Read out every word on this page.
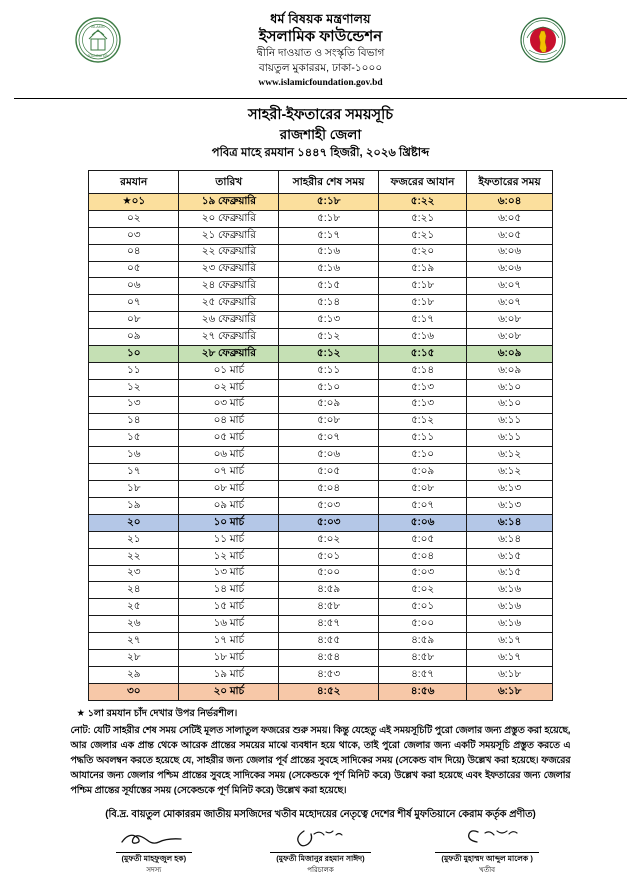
ISLAMIC
FOUNDATION
ধর্ম বিষয়ক মন্ত্রণালয়
ইসলামিক ফাউন্ডেশন
দ্বীনি দাওয়াত ও সংস্কৃতি বিভাগ
বায়তুল মুকাররম, ঢাকা-১০০০
www.islamicfoundation.gov.bd
সাহরী-ইফতারের সময়সূচি
রাজশাহী জেলা
পবিত্র মাহে রমযান ১৪৪৭ হিজরী, ২০২৬ খ্রিষ্টাব্দ
রমযান	তারিখ	সাহরীর শেষ সময়	ফজরের আযান	ইফতারের সময়
★০১	১৯ ফেব্রুয়ারি	৫:১৮	৫:২২	৬:০৪
০২	২০ ফেব্রুয়ারি	৫:১৮	৫:২১	৬:০৫
০৩	২১ ফেব্রুয়ারি	৫:১৭	৫:২১	৬:০৫
০৪	২২ ফেব্রুয়ারি	৫:১৬	৫:২০	৬:০৬
০৫	২৩ ফেব্রুয়ারি	৫:১৬	৫:১৯	৬:০৬
০৬	২৪ ফেব্রুয়ারি	৫:১৫	৫:১৮	৬:০৭
০৭	২৫ ফেব্রুয়ারি	৫:১৪	৫:১৮	৬:০৭
০৮	২৬ ফেব্রুয়ারি	৫:১৩	৫:১৭	৬:০৮
০৯	২৭ ফেব্রুয়ারি	৫:১২	৫:১৬	৬:০৮
১০	২৮ ফেব্রুয়ারি	৫:১২	৫:১৫	৬:০৯
১১	০১ মার্চ	৫:১১	৫:১৪	৬:০৯
১২	০২ মার্চ	৫:১০	৫:১৩	৬:১০
১৩	০৩ মার্চ	৫:০৯	৫:১৩	৬:১০
১৪	০৪ মার্চ	৫:০৮	৫:১২	৬:১১
১৫	০৫ মার্চ	৫:০৭	৫:১১	৬:১১
১৬	০৬ মার্চ	৫:০৬	৫:১০	৬:১২
১৭	০৭ মার্চ	৫:০৫	৫:০৯	৬:১২
১৮	০৮ মার্চ	৫:০৪	৫:০৮	৬:১৩
১৯	০৯ মার্চ	৫:০৩	৫:০৭	৬:১৩
২০	১০ মার্চ	৫:০৩	৫:০৬	৬:১৪
২১	১১ মার্চ	৫:০২	৫:০৫	৬:১৪
২২	১২ মার্চ	৫:০১	৫:০৪	৬:১৫
২৩	১৩ মার্চ	৫:০০	৫:০৩	৬:১৫
২৪	১৪ মার্চ	৪:৫৯	৫:০২	৬:১৬
২৫	১৫ মার্চ	৪:৫৮	৫:০১	৬:১৬
২৬	১৬ মার্চ	৪:৫৭	৫:০০	৬:১৬
২৭	১৭ মার্চ	৪:৫৫	৪:৫৯	৬:১৭
২৮	১৮ মার্চ	৪:৫৪	৪:৫৮	৬:১৭
২৯	১৯ মার্চ	৪:৫৩	৪:৫৭	৬:১৮
৩০	২০ মার্চ	৪:৫২	৪:৫৬	৬:১৮
★ ১লা রমযান চাঁদ দেখার উপর নির্ভরশীল।
নোট: যেটি সাহরীর শেষ সময় সেটিই মূলত সালাতুল ফজরের শুরু সময়। কিন্তু যেহেতু এই সময়সূচিটি পুরো জেলার জন্য প্রস্তুত করা হয়েছে, আর জেলার এক প্রান্ত থেকে আরেক প্রান্তের সময়ের মাঝে ব্যবধান হয়ে থাকে, তাই পুরো জেলার জন্য একটি সময়সূচি প্রস্তুত করতে এ পদ্ধতি অবলম্বন করতে হয়েছে যে, সাহরীর জন্য জেলার পূর্ব প্রান্তের সুবহে সাদিকের সময় (সেকেন্ড বাদ দিয়ে) উল্লেখ করা হয়েছে। ফজরের আযানের জন্য জেলার পশ্চিম প্রান্তের সুবহে সাদিকের সময় (সেকেন্ডকে পূর্ণ মিনিট করে) উল্লেখ করা হয়েছে এবং ইফতারের জন্য জেলার পশ্চিম প্রান্তের সূর্যাস্তের সময় (সেকেন্ডকে পূর্ণ মিনিট করে) উল্লেখ করা হয়েছে।
(বি.দ্র. বায়তুল মোকাররম জাতীয় মসজিদের খতীব মহোদয়ের নেতৃত্বে দেশের শীর্ষ মুফতিয়ানে কেরাম কর্তৃক প্রণীত)
(মুফতী মাহফুজুল হক)
সদস্য
(মুফতী মিজানুর রহমান সাঈদ)
পরিচালক
(মুফতী মুহাম্মদ আব্দুল মালেক )
খতীব
